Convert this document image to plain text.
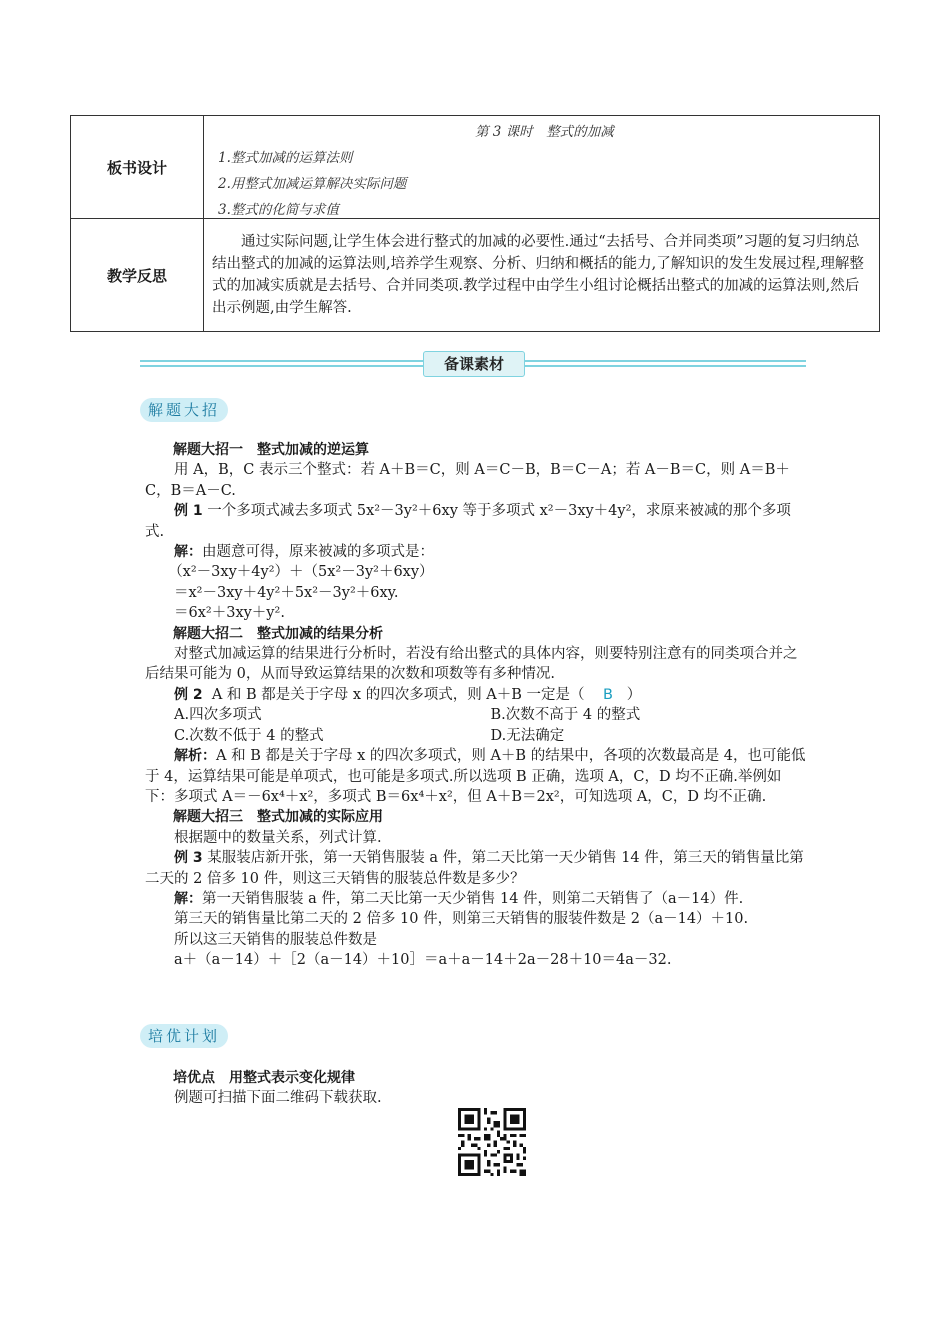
板书设计	第 3 课时　整式的加减
1.整式加减的运算法则
2.用整式加减运算解决实际问题
3.整式的化简与求值

教学反思	通过实际问题,让学生体会进行整式的加减的必要性.通过“去括号、合并同类项”习题的复习归纳总结出整式的加减的运算法则,培养学生观察、分析、归纳和概括的能力,了解知识的发生发展过程,理解整式的加减实质就是去括号、合并同类项.教学过程中由学生小组讨论概括出整式的加减的运算法则,然后出示例题,由学生解答.
备课素材
解题大招

解题大招一　整式加减的逆运算

用 A，B，C 表示三个整式：若 A＋B＝C，则 A＝C－B，B＝C－A；若 A－B＝C，则 A＝B＋C，B＝A－C.

例 1 一个多项式减去多项式 5x²－3y²＋6xy 等于多项式 x²－3xy＋4y²，求原来被减的那个多项式.

解：由题意可得，原来被减的多项式是：

（x²－3xy＋4y²）＋（5x²－3y²＋6xy）

＝x²－3xy＋4y²＋5x²－3y²＋6xy.

＝6x²＋3xy＋y².

解题大招二　整式加减的结果分析

对整式加减运算的结果进行分析时，若没有给出整式的具体内容，则要特别注意有的同类项合并之后结果可能为 0，从而导致运算结果的次数和项数等有多种情况.

例 2 A 和 B 都是关于字母 x 的四次多项式，则 A＋B 一定是（ B ）

A.四次多项式	B.次数不高于 4 的整式
C.次数不低于 4 的整式	D.无法确定

解析：A 和 B 都是关于字母 x 的四次多项式，则 A＋B 的结果中，各项的次数最高是 4，也可能低于 4，运算结果可能是单项式，也可能是多项式.所以选项 B 正确，选项 A，C，D 均不正确.举例如下：多项式 A＝－6x⁴＋x²，多项式 B＝6x⁴＋x²，但 A＋B＝2x²，可知选项 A，C，D 均不正确.

解题大招三　整式加减的实际应用

根据题中的数量关系，列式计算.

例 3 某服装店新开张，第一天销售服装 a 件，第二天比第一天少销售 14 件，第三天的销售量比第二天的 2 倍多 10 件，则这三天销售的服装总件数是多少？

解：第一天销售服装 a 件，第二天比第一天少销售 14 件，则第二天销售了（a－14）件.

第三天的销售量比第二天的 2 倍多 10 件，则第三天销售的服装件数是 2（a－14）＋10.

所以这三天销售的服装总件数是

a＋（a－14）＋［2（a－14）＋10］＝a＋a－14＋2a－28＋10＝4a－32.

培优计划

培优点　用整式表示变化规律

例题可扫描下面二维码下载获取.
